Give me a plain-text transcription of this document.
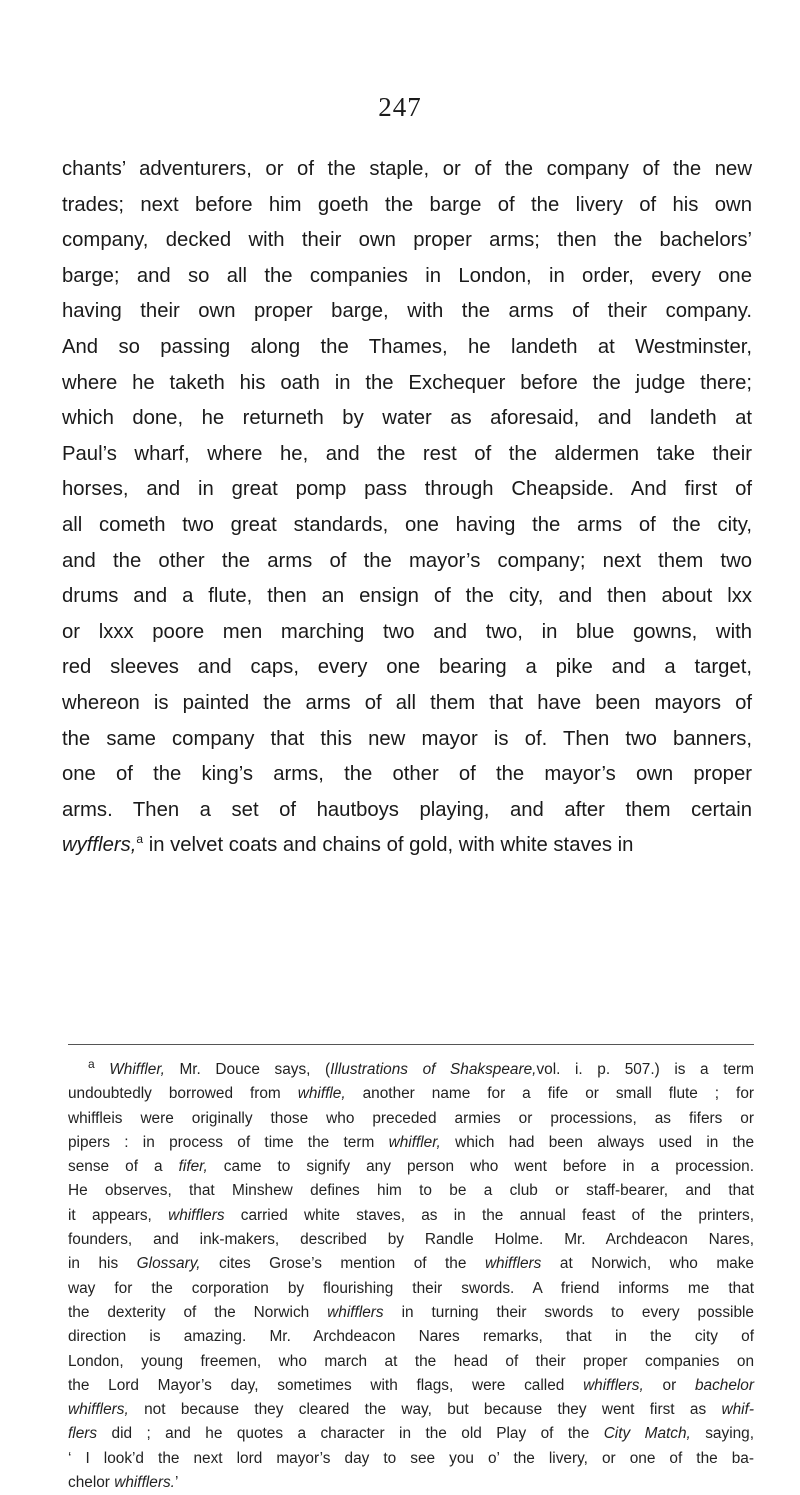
247
chants’ adventurers, or of the staple, or of the company of the new
trades; next before him goeth the barge of the livery of his own
company, decked with their own proper arms; then the bachelors’
barge; and so all the companies in London, in order, every one
having their own proper barge, with the arms of their company.
And so passing along the Thames, he landeth at Westminster,
where he taketh his oath in the Exchequer before the judge there;
which done, he returneth by water as aforesaid, and landeth at
Paul’s wharf, where he, and the rest of the aldermen take their
horses, and in great pomp pass through Cheapside. And first of
all cometh two great standards, one having the arms of the city,
and the other the arms of the mayor’s company; next them two
drums and a flute, then an ensign of the city, and then about lxx
or lxxx poore men marching two and two, in blue gowns, with
red sleeves and caps, every one bearing a pike and a target,
whereon is painted the arms of all them that have been mayors of
the same company that this new mayor is of. Then two banners,
one of the king’s arms, the other of the mayor’s own proper
arms. Then a set of hautboys playing, and after them certain
wyfflers,$^a$ in velvet coats and chains of gold, with white staves in
$^a$ Whiffler, Mr. Douce says, (Illustrations of Shakspeare,vol. i. p. 507.) is a term
undoubtedly borrowed from whiffle, another name for a fife or small flute ; for
whiffleis were originally those who preceded armies or processions, as fifers or
pipers : in process of time the term whiffler, which had been always used in the
sense of a fifer, came to signify any person who went before in a procession.
He observes, that Minshew defines him to be a club or staff-bearer, and that
it appears, whifflers carried white staves, as in the annual feast of the printers,
founders, and ink-makers, described by Randle Holme. Mr. Archdeacon Nares,
in his Glossary, cites Grose’s mention of the whifflers at Norwich, who make
way for the corporation by flourishing their swords. A friend informs me that
the dexterity of the Norwich whifflers in turning their swords to every possible
direction is amazing. Mr. Archdeacon Nares remarks, that in the city of
London, young freemen, who march at the head of their proper companies on
the Lord Mayor’s day, sometimes with flags, were called whifflers, or bachelor
whifflers, not because they cleared the way, but because they went first as whif-
flers did ; and he quotes a character in the old Play of the City Match, saying,
‘ I look’d the next lord mayor’s day to see you o’ the livery, or one of the ba-
chelor whifflers.’
